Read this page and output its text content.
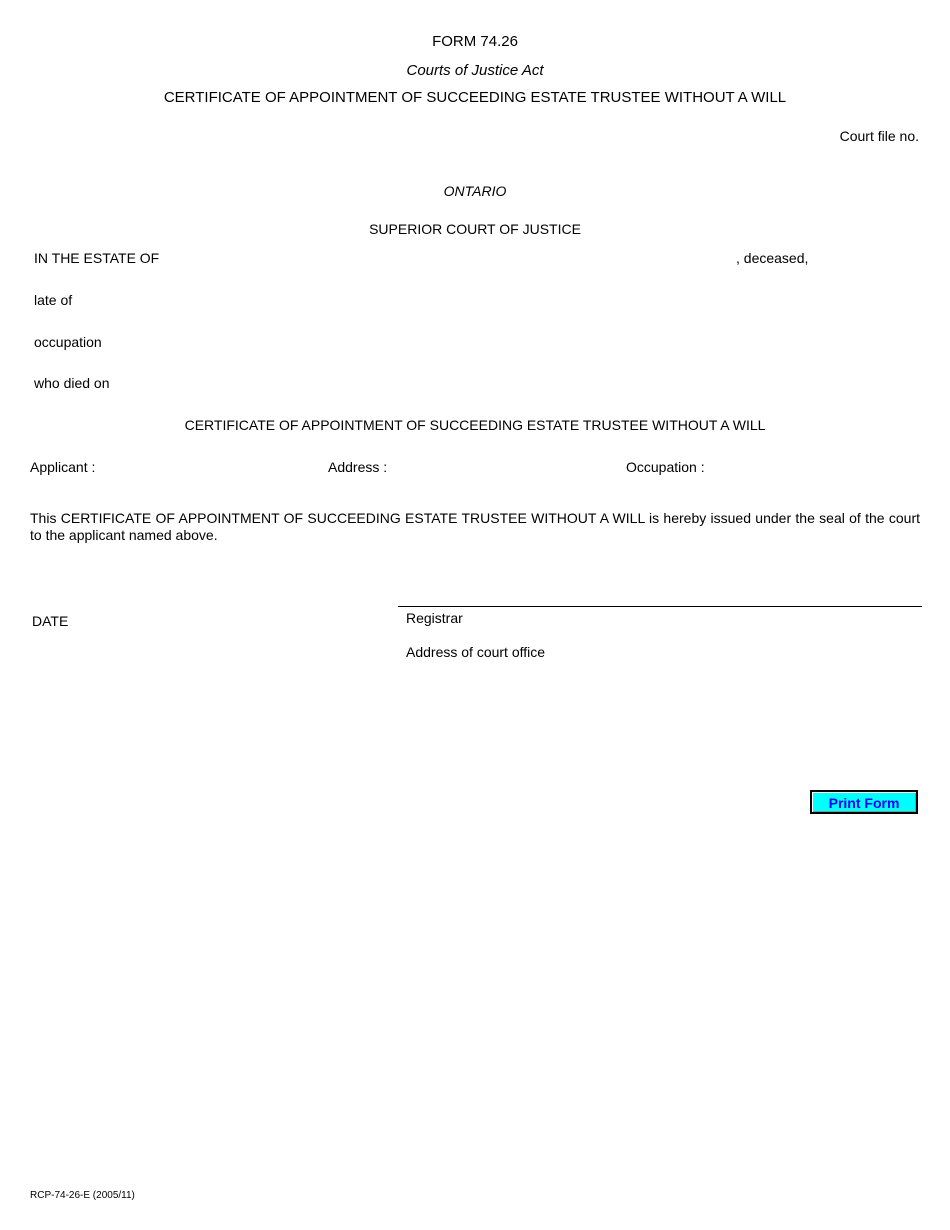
FORM 74.26
Courts of Justice Act
CERTIFICATE OF APPOINTMENT OF SUCCEEDING ESTATE TRUSTEE WITHOUT A WILL
Court file no.
ONTARIO
SUPERIOR COURT OF JUSTICE
IN THE ESTATE OF	, deceased,
late of
occupation
who died on
CERTIFICATE OF APPOINTMENT OF SUCCEEDING ESTATE TRUSTEE WITHOUT A WILL
Applicant :	Address :	Occupation :
This CERTIFICATE OF APPOINTMENT OF SUCCEEDING ESTATE TRUSTEE WITHOUT A WILL is hereby issued under the seal of the court to the applicant named above.
DATE	Registrar
Address of court office
Print Form
RCP-74-26-E (2005/11)
